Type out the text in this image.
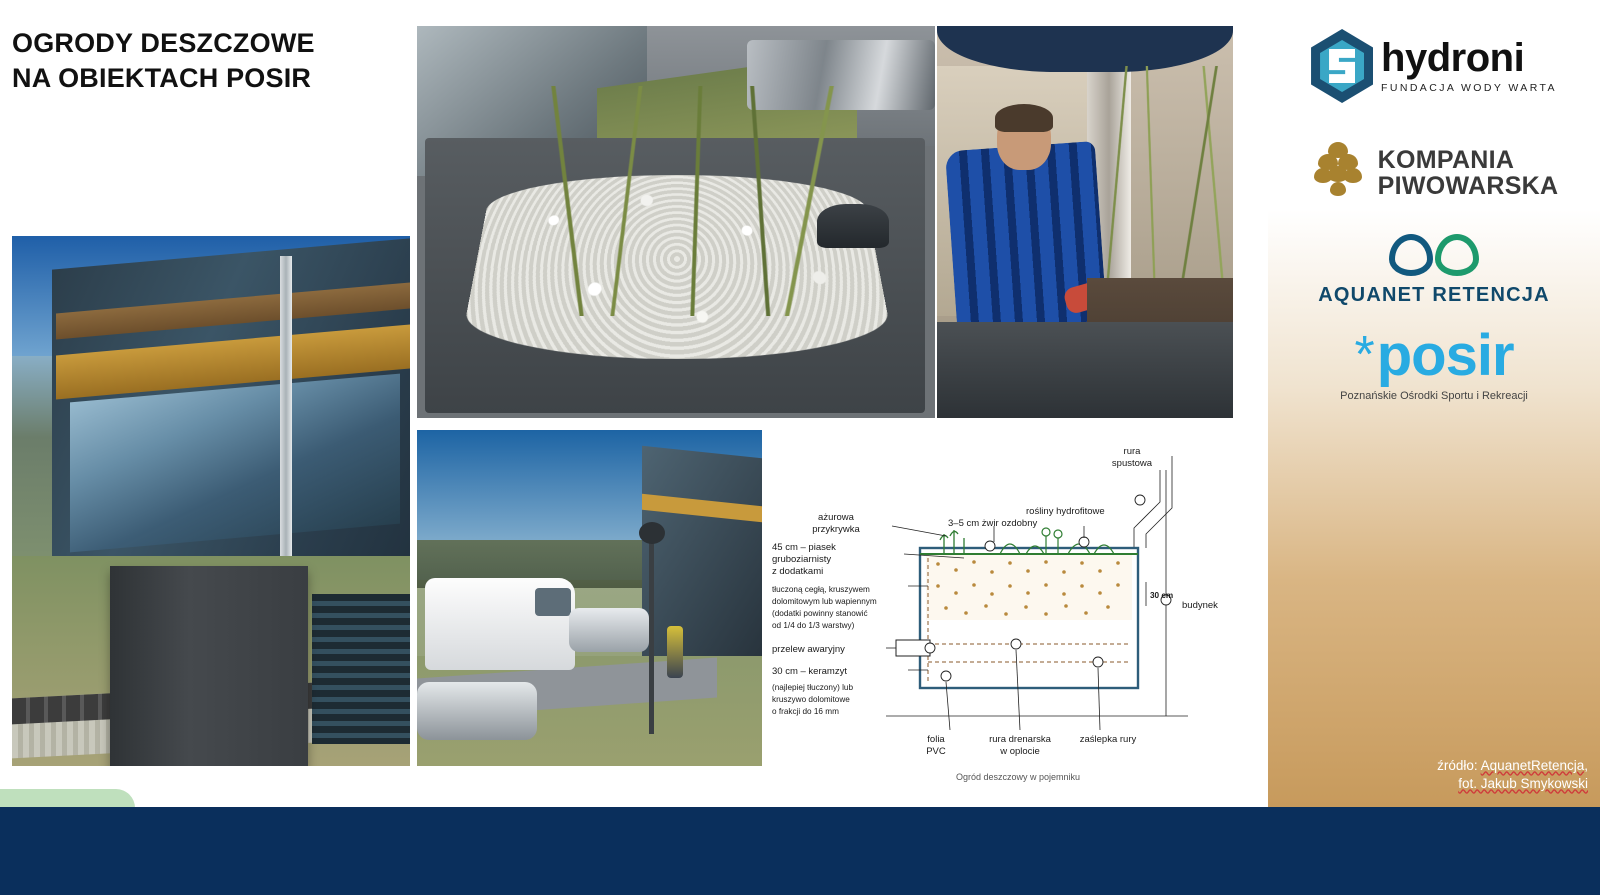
OGRODY DESZCZOWE
NA OBIEKTACH POSIR
30 cm
rura
spustowa
ażurowa
przykrywka
3–5 cm żwir ozdobny
rośliny hydrofitowe
45 cm – piasek
gruboziarnisty
z dodatkami
tłuczoną cegłą, kruszywem
dolomitowym lub wapiennym
(dodatki powinny stanowić
od 1/4 do 1/3 warstwy)
przelew awaryjny
30 cm – keramzyt
(najlepiej tłuczony) lub
kruszywo dolomitowe
o frakcji do 16 mm
folia
PVC
rura drenarska
w oplocie
zaślepka rury
budynek
Ogród deszczowy w pojemniku
hydroni
FUNDACJA WODY WARTA
KOMPANIA
PIWOWARSKA
AQUANET RETENCJA
* posir
Poznańskie Ośrodki Sportu i Rekreacji
źródło: AquanetRetencja,
fot. Jakub Smykowski
